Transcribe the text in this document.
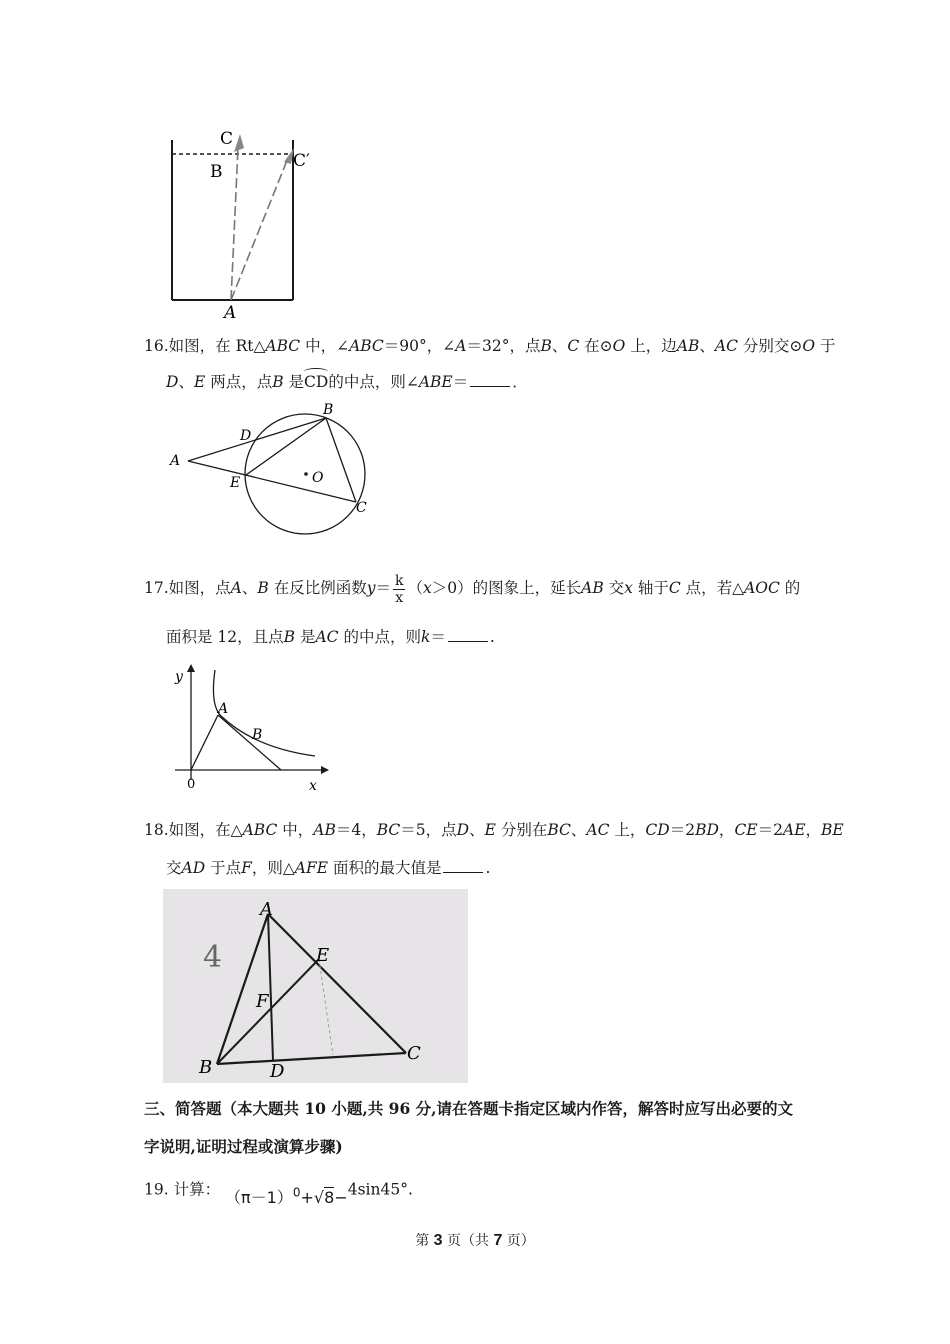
C
B
C′
A
16.如图，在 Rt△ABC 中，∠ABC＝90°，∠A＝32°，点B、C 在⊙O 上，边AB、AC 分别交⊙O 于
D、E 两点，点B 是CD的中点，则∠ABE＝	．
A
B
D
E	O
C
17.如图，点A、B 在反比例函数$y= \frac{k}{x} (x>0)$的图象上，延长AB 交x 轴于C 点，若△AOC 的
面积是 12，且点B 是AC 的中点，则k＝	.
y
A
B
0	x
18.如图，在△ABC 中，AB＝4，BC＝5，点D、E 分别在BC、AC 上，CD＝2BD，CE＝2AE，BE
交AD 于点F，则△AFE 面积的最大值是	.
A
E
F
B	D
C
4
三、简答题（本大题共 10 小题,共 96 分,请在答题卡指定区域内作答，解答时应写出必要的文
字说明,证明过程或演算步骤)
19. 计算： $(\pi-1)^0+√8-4\sin 45^\circ$.
第 3 页（共 7 页）
